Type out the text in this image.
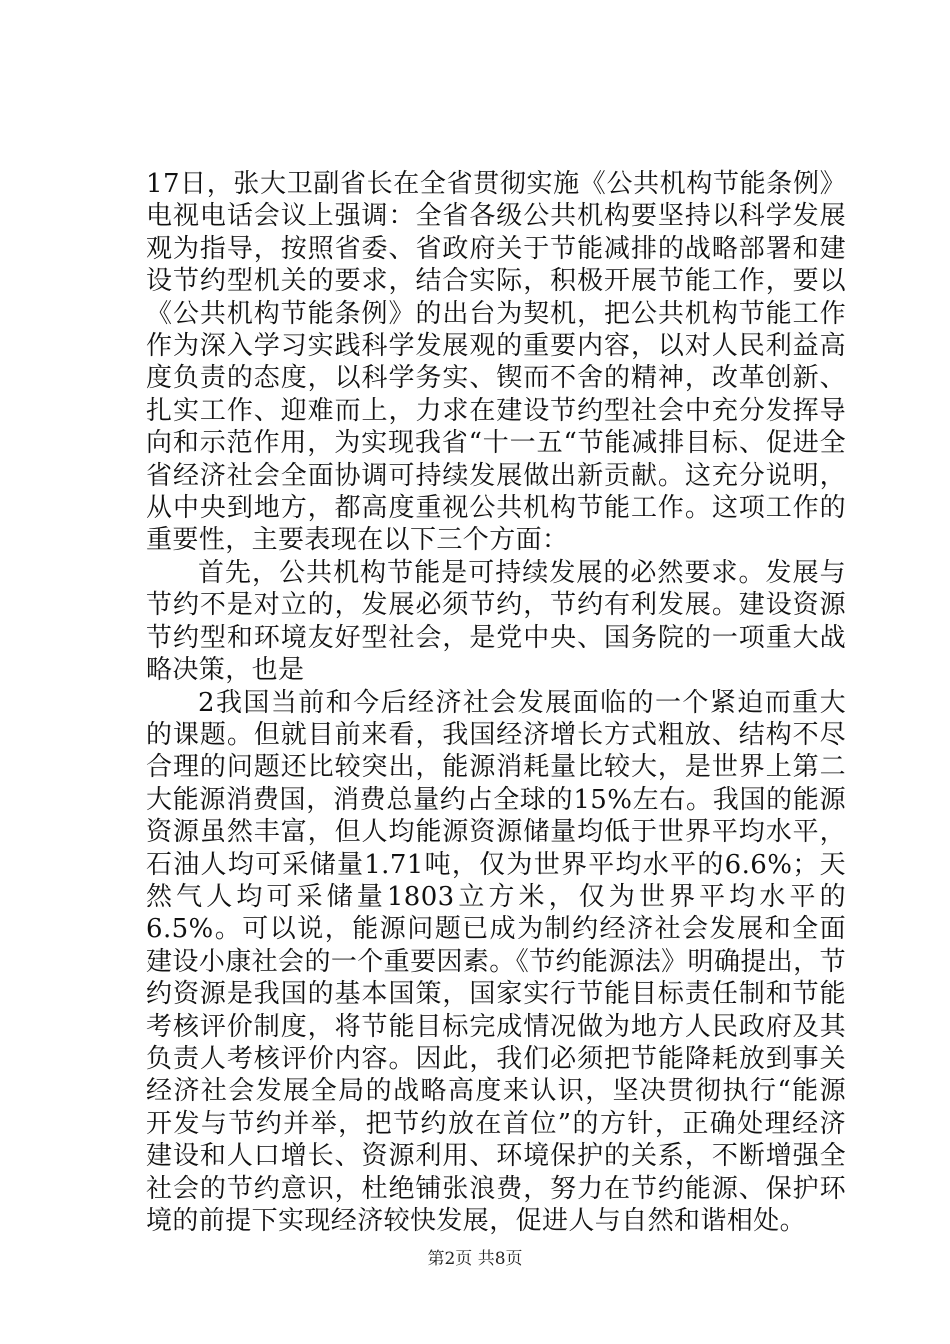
17日，张大卫副省长在全省贯彻实施《公共机构节能条例》电视电话会议上强调：全省各级公共机构要坚持以科学发展观为指导，按照省委、省政府关于节能减排的战略部署和建设节约型机关的要求，结合实际，积极开展节能工作，要以《公共机构节能条例》的出台为契机，把公共机构节能工作作为深入学习实践科学发展观的重要内容，以对人民利益高度负责的态度，以科学务实、锲而不舍的精神，改革创新、扎实工作、迎难而上，力求在建设节约型社会中充分发挥导向和示范作用，为实现我省“十一五“节能减排目标、促进全省经济社会全面协调可持续发展做出新贡献。这充分说明，从中央到地方，都高度重视公共机构节能工作。这项工作的重要性，主要表现在以下三个方面：

首先，公共机构节能是可持续发展的必然要求。发展与节约不是对立的，发展必须节约，节约有利发展。建设资源节约型和环境友好型社会，是党中央、国务院的一项重大战略决策，也是

2我国当前和今后经济社会发展面临的一个紧迫而重大的课题。但就目前来看，我国经济增长方式粗放、结构不尽合理的问题还比较突出，能源消耗量比较大，是世界上第二大能源消费国，消费总量约占全球的15%左右。我国的能源资源虽然丰富，但人均能源资源储量均低于世界平均水平，石油人均可采储量1.71吨，仅为世界平均水平的6.6%；天然气人均可采储量1803立方米，仅为世界平均水平的6.5%。可以说，能源问题已成为制约经济社会发展和全面建设小康社会的一个重要因素。《节约能源法》明确提出，节约资源是我国的基本国策，国家实行节能目标责任制和节能考核评价制度，将节能目标完成情况做为地方人民政府及其负责人考核评价内容。因此，我们必须把节能降耗放到事关经济社会发展全局的战略高度来认识，坚决贯彻执行“能源开发与节约并举，把节约放在首位”的方针，正确处理经济建设和人口增长、资源利用、环境保护的关系，不断增强全社会的节约意识，杜绝铺张浪费，努力在节约能源、保护环境的前提下实现经济较快发展，促进人与自然和谐相处。

第2页 共8页
